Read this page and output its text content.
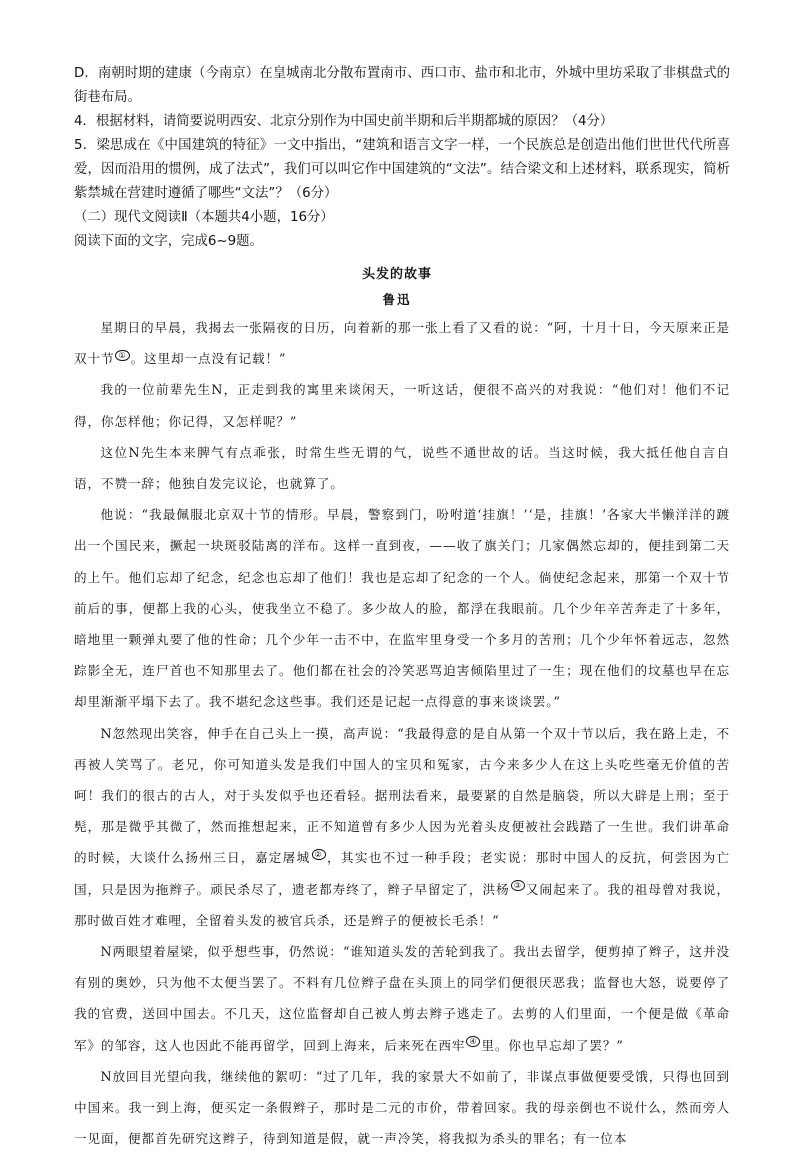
D．南朝时期的建康（今南京）在皇城南北分散布置南市、西口市、盐市和北市，外城中里坊采取了非棋盘式的街巷布局。

4．根据材料，请简要说明西安、北京分别作为中国史前半期和后半期都城的原因？（4分）

5．梁思成在《中国建筑的特征》一文中指出，“建筑和语言文字一样，一个民族总是创造出他们世世代代所喜爱，因而沿用的惯例，成了法式”，我们可以叫它作中国建筑的“文法”。结合梁文和上述材料，联系现实，简析紫禁城在营建时遵循了哪些“文法”？（6分）

（二）现代文阅读Ⅱ（本题共4小题，16分）

阅读下面的文字，完成6~9题。

头发的故事
鲁迅

星期日的早晨，我揭去一张隔夜的日历，向着新的那一张上看了又看的说：“阿，十月十日，今天原来正是双十节 ① 。这里却一点没有记载！”

我的一位前辈先生N，正走到我的寓里来谈闲天，一听这话，便很不高兴的对我说：“他们对！他们不记得，你怎样他；你记得，又怎样呢？”

这位N先生本来脾气有点乖张，时常生些无谓的气，说些不通世故的话。当这时候，我大抵任他自言自语，不赞一辞；他独自发完议论，也就算了。

他说：“我最佩服北京双十节的情形。早晨，警察到门，吩咐道‘挂旗！’‘是，挂旗！’各家大半懒洋洋的踱出一个国民来，撅起一块斑驳陆离的洋布。这样一直到夜，——收了旗关门；几家偶然忘却的，便挂到第二天的上午。他们忘却了纪念，纪念也忘却了他们！我也是忘却了纪念的一个人。倘使纪念起来，那第一个双十节前后的事，便都上我的心头，使我坐立不稳了。多少故人的脸，都浮在我眼前。几个少年辛苦奔走了十多年，暗地里一颗弹丸要了他的性命；几个少年一击不中，在监牢里身受一个多月的苦刑；几个少年怀着远志，忽然踪影全无，连尸首也不知那里去了。他们都在社会的冷笑恶骂迫害倾陷里过了一生；现在他们的坟墓也早在忘却里渐渐平塌下去了。我不堪纪念这些事。我们还是记起一点得意的事来谈谈罢。”

N忽然现出笑容，伸手在自己头上一摸，高声说：“我最得意的是自从第一个双十节以后，我在路上走，不再被人笑骂了。老兄，你可知道头发是我们中国人的宝贝和冤家，古今来多少人在这上头吃些毫无价值的苦呵！我们的很古的古人，对于头发似乎也还看轻。据刑法看来，最要紧的自然是脑袋，所以大辟是上刑；至于髡，那是微乎其微了，然而推想起来，正不知道曾有多少人因为光着头皮便被社会践踏了一生世。我们讲革命的时候，大谈什么扬州三日，嘉定屠城 ② ，其实也不过一种手段；老实说：那时中国人的反抗，何尝因为亡国，只是因为拖辫子。顽民杀尽了，遗老都寿终了，辫子早留定了，洪杨 ③ 又闹起来了。我的祖母曾对我说，那时做百姓才难哩，全留着头发的被官兵杀，还是辫子的便被长毛杀！”

N两眼望着屋梁，似乎想些事，仍然说：“谁知道头发的苦轮到我了。我出去留学，便剪掉了辫子，这并没有别的奥妙，只为他不太便当罢了。不料有几位辫子盘在头顶上的同学们便很厌恶我；监督也大怒，说要停了我的官费，送回中国去。不几天，这位监督却自己被人剪去辫子逃走了。去剪的人们里面，一个便是做《革命军》的邹容，这人也因此不能再留学，回到上海来，后来死在西牢 ④ 里。你也早忘却了罢？”

N放回目光望向我，继续他的絮叨：“过了几年，我的家景大不如前了，非谋点事做便要受饿，只得也回到中国来。我一到上海，便买定一条假辫子，那时是二元的市价，带着回家。我的母亲倒也不说什么，然而旁人一见面，便都首先研究这辫子，待到知道是假，就一声冷笑，将我拟为杀头的罪名；有一位本
